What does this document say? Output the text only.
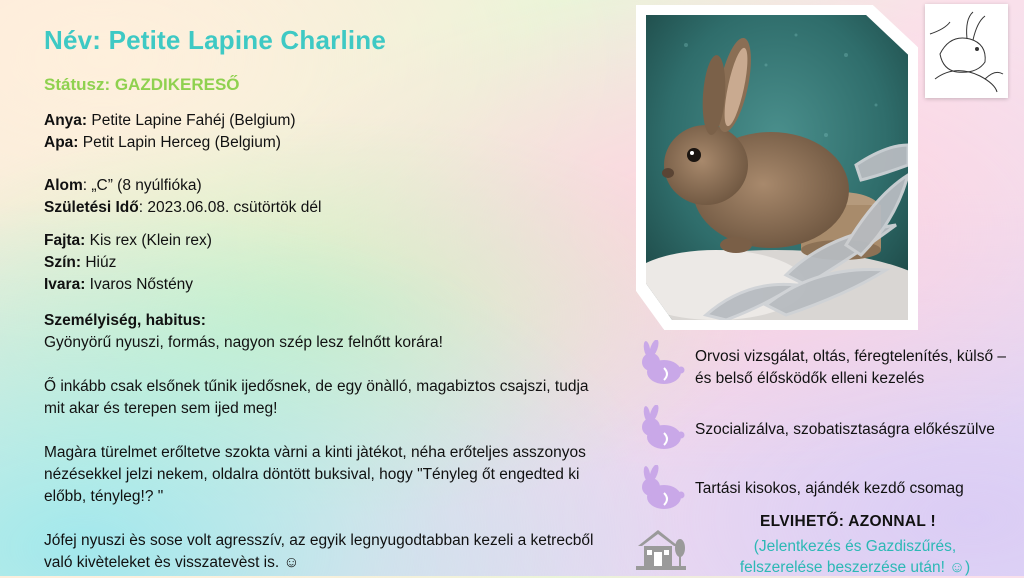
Név: Petite Lapine Charline
Státusz: GAZDIKERESŐ
Anya: Petite Lapine Fahéj (Belgium)
Apa: Petit Lapin Herceg (Belgium)
Alom: „C” (8 nyúlfióka)
Születési Idő: 2023.06.08. csütörtök dél
Fajta: Kis rex (Klein rex)
Szín: Hiúz
Ivara: Ivaros Nőstény
Személyiség, habitus:
Gyönyörű nyuszi, formás, nagyon szép lesz felnőtt korára!
Ő inkább csak elsőnek tűnik ijedősnek, de egy önàlló, magabiztos csajszi, tudja mit akar és terepen sem ijed meg!
Magàra türelmet erőltetve szokta vàrni a kinti jàtékot, néha erőteljes asszonyos nézésekkel jelzi nekem, oldalra döntött buksival, hogy "Tényleg őt engedted ki előbb, tényleg!? "
Jófej nyuszi ès sose volt agresszív, az egyik legnyugodtabban kezeli a ketrecből való kivèteleket ès visszatevèst is. ☺
Orvosi vizsgálat, oltás, féregtelenítés, külső – és belső élősködők elleni kezelés
Szocializálva, szobatisztaságra előkészülve
Tartási kisokos, ajándék kezdő csomag
ELVIHETŐ: AZONNAL !
(Jelentkezés és Gazdiszűrés, felszerelése beszerzése után! ☺)
